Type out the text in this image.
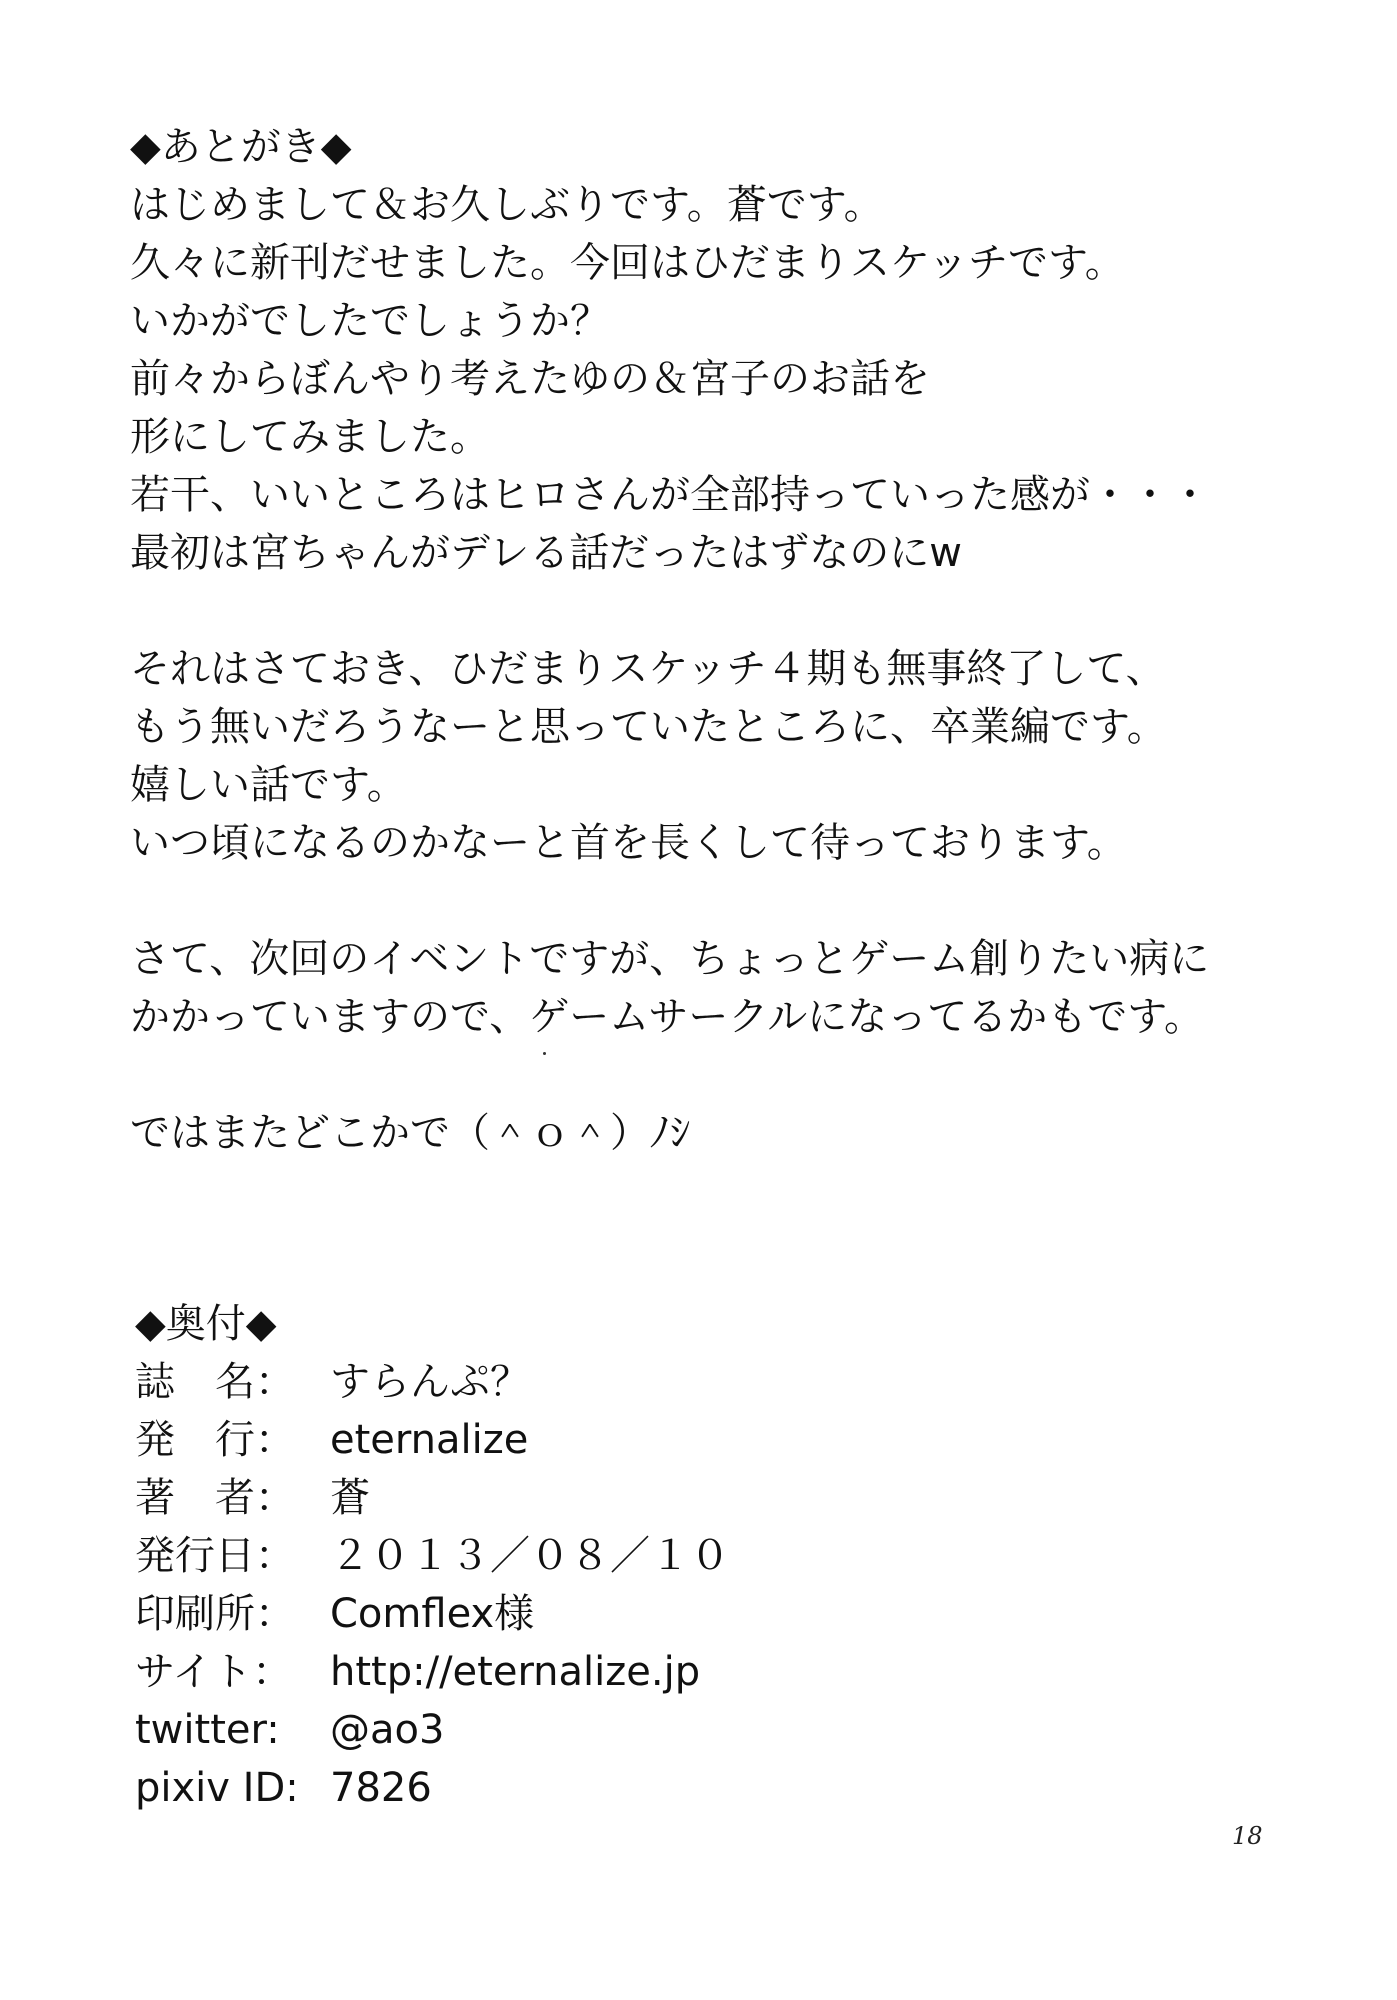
◆あとがき◆
はじめまして＆お久しぶりです。蒼です。
久々に新刊だせました。今回はひだまりスケッチです。
いかがでしたでしょうか？
前々からぼんやり考えたゆの＆宮子のお話を
形にしてみました。
若干、いいところはヒロさんが全部持っていった感が・・・
最初は宮ちゃんがデレる話だったはずなのにw
それはさておき、ひだまりスケッチ４期も無事終了して、
もう無いだろうなーと思っていたところに、卒業編です。
嬉しい話です。
いつ頃になるのかなーと首を長くして待っております。
さて、次回のイベントですが、ちょっとゲーム創りたい病に
かかっていますので、ゲームサークルになってるかもです。
ではまたどこかで（＾ｏ＾）ﾉｼ
◆奥付◆
誌　名： すらんぷ？
発　行： eternalize
著　者： 蒼
発行日： ２０１３／０８／１０
印刷所： Comflex様
サイト： http://eternalize.jp
twitter:	@ao3
pixiv ID: 7826
18
